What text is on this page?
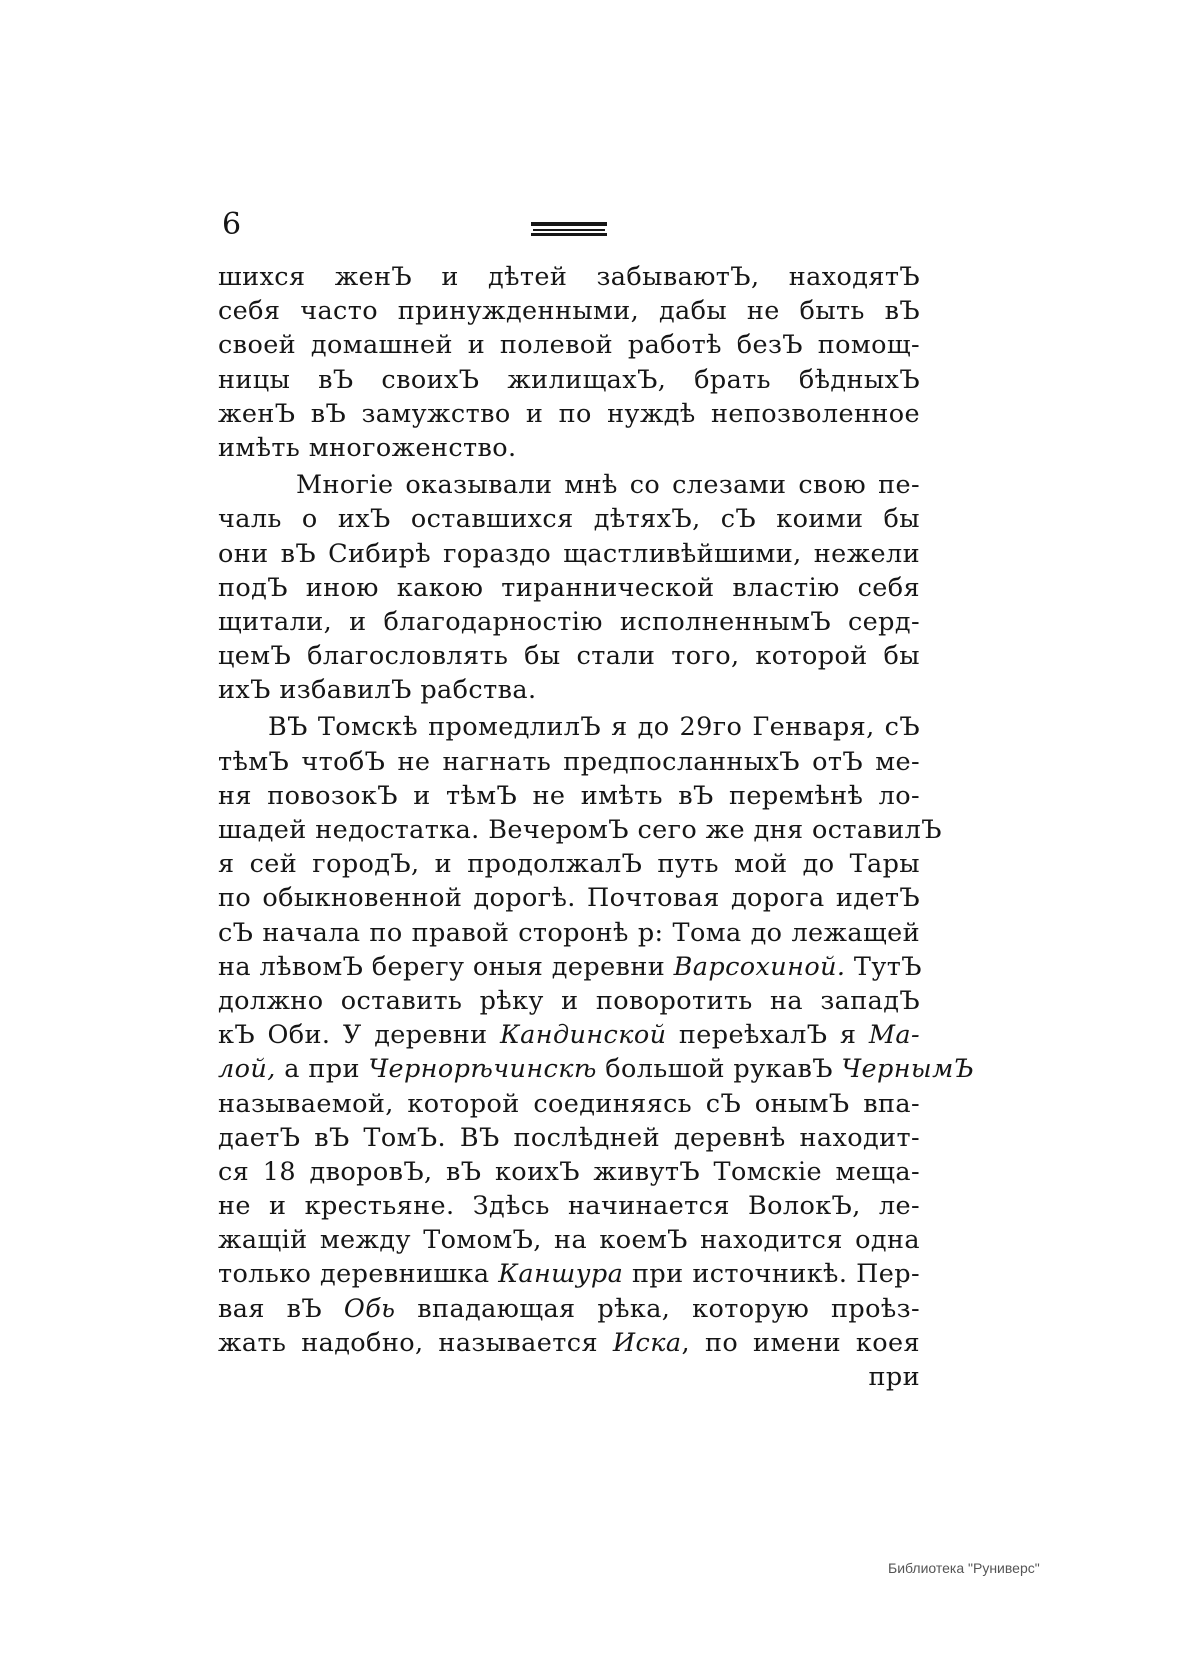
6
шихся женЪ и дѣтей забываютЪ, находятЪ
себя часто принужденными, дабы не быть вЪ
своей домашней и полевой работѣ безЪ помощ-
ницы вЪ своихЪ жилищахЪ, брать бѣдныхЪ
женЪ вЪ замужство и по нуждѣ непозволенное
имѣть многоженство.
Многіе оказывали мнѣ со слезами свою пе-
чаль о ихЪ оставшихся дѣтяхЪ, сЪ коими бы
они вЪ Сибирѣ гораздо щастливѣйшими, нежели
подЪ иною какою тираннической властію себя
щитали, и благодарностію исполненнымЪ серд-
цемЪ благословлять бы стали того, которой бы
ихЪ избавилЪ рабства.
ВЪ Томскѣ промедлилЪ я до 29го Генваря, сЪ
тѣмЪ чтобЪ не нагнать предпосланныхЪ отЪ ме-
ня повозокЪ и тѣмЪ не имѣть вЪ перемѣнѣ ло-
шадей недостатка. ВечеромЪ сего же дня оставилЪ
я сей городЪ, и продолжалЪ путь мой до Тары
по обыкновенной дорогѣ. Почтовая дорога идетЪ
сЪ начала по правой сторонѣ р: Тома до лежащей
на лѣвомЪ берегу оныя деревни Варсохиной. ТутЪ
должно оставить рѣку и поворотить на западЪ
кЪ Оби. У деревни Кандинской переѣхалЪ я Ма-
лой, а при Чернорѣчинскѣ большой рукавЪ ЧернымЪ
называемой, которой соединяясь сЪ онымЪ впа-
даетЪ вЪ ТомЪ. ВЪ послѣдней деревнѣ находит-
ся 18 дворовЪ, вЪ коихЪ живутЪ Томскіе меща-
не и крестьяне. Здѣсь начинается ВолокЪ, ле-
жащій между ТомомЪ, на коемЪ находится одна
только деревнишка Каншура при источникѣ. Пер-
вая вЪ Обь впадающая рѣка, которую проѣз-
жать надобно, называется Иска, по имени коея
при
Библиотека "Руниверс"
